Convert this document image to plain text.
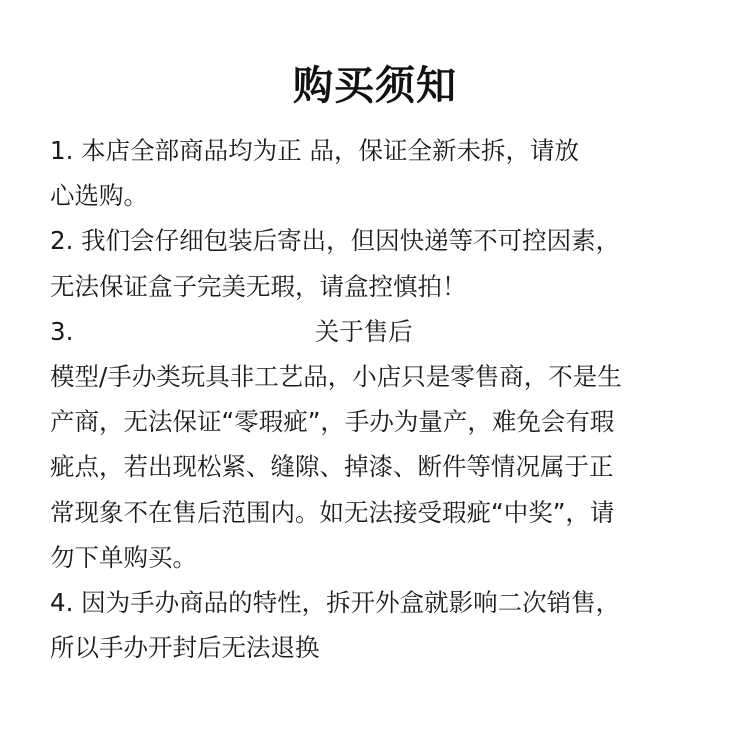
购买须知
1. 本店全部商品均为正 品，保证全新未拆，请放
心选购。
2. 我们会仔细包装后寄出，但因快递等不可控因素，
无法保证盒子完美无瑕，请盒控慎拍！
3.                               关于售后
模型/手办类玩具非工艺品，小店只是零售商，不是生
产商，无法保证“零瑕疵”，手办为量产，难免会有瑕
疵点，若出现松紧、缝隙、掉漆、断件等情况属于正
常现象不在售后范围内。如无法接受瑕疵“中奖”，请
勿下单购买。
4. 因为手办商品的特性，拆开外盒就影响二次销售，
所以手办开封后无法退换
